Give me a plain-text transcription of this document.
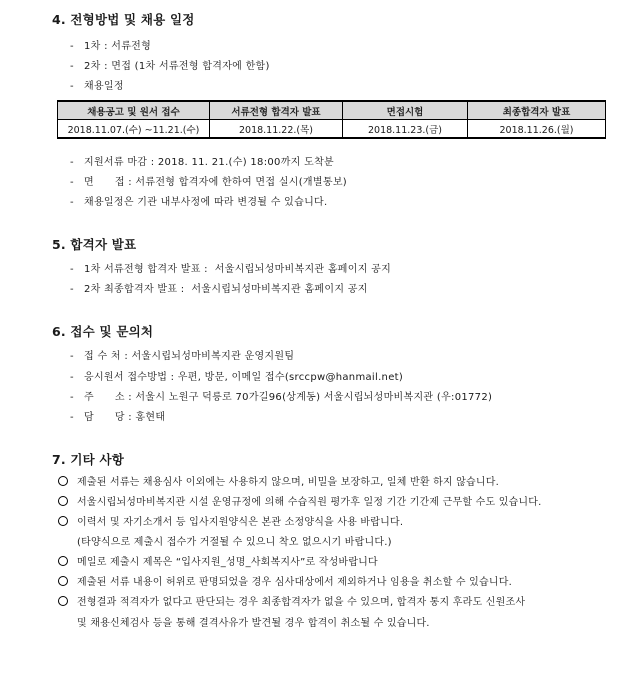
4. 전형방법 및 채용 일정
- 1차 : 서류전형
- 2차 : 면접 (1차 서류전형 합격자에 한함)
- 채용일정
채용공고 및 원서 접수	서류전형 합격자 발표	면접시험	최종합격자 발표
2018.11.07.(수) ~11.21.(수)	2018.11.22.(목)	2018.11.23.(금)	2018.11.26.(월)
- 지원서류 마감 : 2018. 11. 21.(수) 18:00까지 도착분
- 면      접 : 서류전형 합격자에 한하여 면접 실시(개별통보)
- 채용일정은 기관 내부사정에 따라 변경될 수 있습니다.
5. 합격자 발표
- 1차 서류전형 합격자 발표 :  서울시립뇌성마비복지관 홈페이지 공지
- 2차 최종합격자 발표 :  서울시립뇌성마비복지관 홈페이지 공지
6. 접수 및 문의처
- 접 수 처 : 서울시립뇌성마비복지관 운영지원팀
- 응시원서 접수방법 : 우편, 방문, 이메일 접수(srccpw@hanmail.net)
- 주      소 : 서울시 노원구 덕릉로 70가길96(상계동) 서울시립뇌성마비복지관 (우:01772)
- 담      당 : 홍현태
7. 기타 사항
제출된 서류는 채용심사 이외에는 사용하지 않으며, 비밀을 보장하고, 일체 반환 하지 않습니다.
서울시립뇌성마비복지관 시설 운영규정에 의해 수습직원 평가후 일정 기간 기간제 근무할 수도 있습니다.
이력서 및 자기소개서 등 입사지원양식은 본관 소정양식을 사용 바랍니다.
(타양식으로 제출시 접수가 거절될 수 있으니 착오 없으시기 바랍니다.)
메일로 제출시 제목은 “입사지원_성명_사회복지사”로 작성바랍니다
제출된 서류 내용이 허위로 판명되었을 경우 심사대상에서 제외하거나 임용을 취소할 수 있습니다.
전형결과 적격자가 없다고 판단되는 경우 최종합격자가 없을 수 있으며, 합격자 통지 후라도 신원조사
및 채용신체검사 등을 통해 결격사유가 발견될 경우 합격이 취소될 수 있습니다.
